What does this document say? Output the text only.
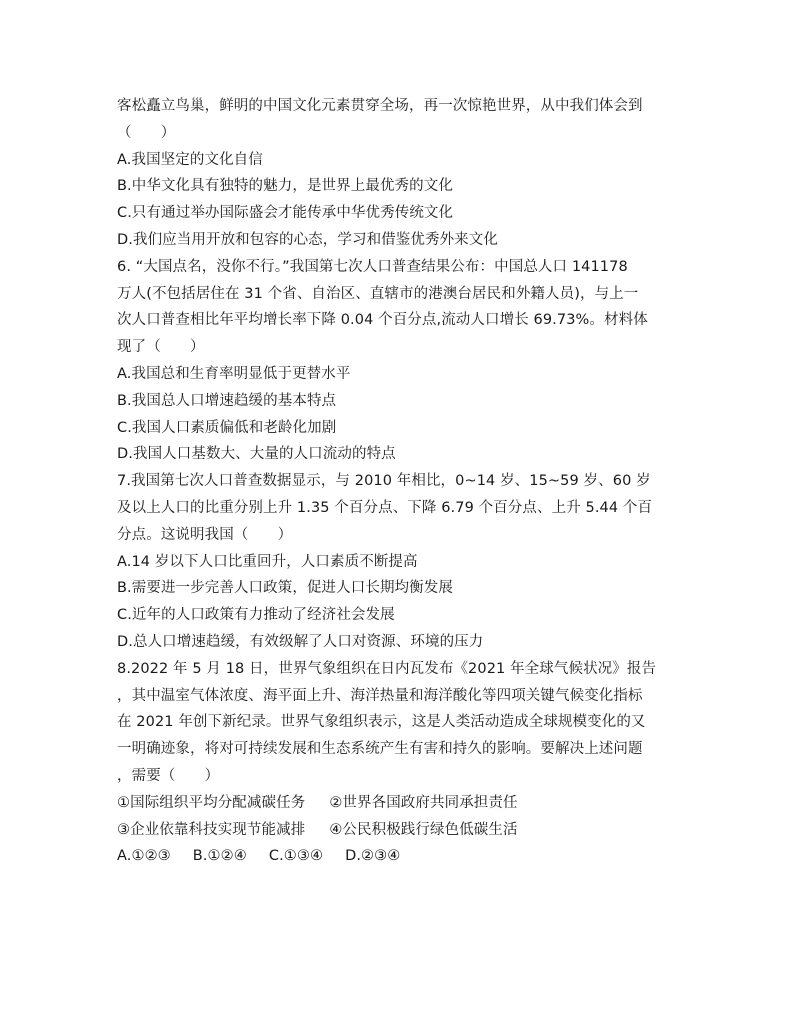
客松矗立鸟巢，鲜明的中国文化元素贯穿全场，再一次惊艳世界，从中我们体会到
（　　）
A.我国坚定的文化自信
B.中华文化具有独特的魅力，是世界上最优秀的文化
C.只有通过举办国际盛会才能传承中华优秀传统文化
D.我们应当用开放和包容的心态，学习和借鉴优秀外来文化
6. “大国点名，没你不行。”我国第七次人口普查结果公布：中国总人口 141178
万人(不包括居住在 31 个省、自治区、直辖市的港澳台居民和外籍人员)，与上一
次人口普查相比年平均增长率下降 0.04 个百分点,流动人口增长 69.73%。材料体
现了（　　）
A.我国总和生育率明显低于更替水平
B.我国总人口增速趋缓的基本特点
C.我国人口素质偏低和老龄化加剧
D.我国人口基数大、大量的人口流动的特点
7.我国第七次人口普查数据显示，与 2010 年相比，0~14 岁、15~59 岁、60 岁
及以上人口的比重分别上升 1.35 个百分点、下降 6.79 个百分点、上升 5.44 个百
分点。这说明我国（　　）
A.14 岁以下人口比重回升，人口素质不断提高
B.需要进一步完善人口政策，促进人口长期均衡发展
C.近年的人口政策有力推动了经济社会发展
D.总人口增速趋缓，有效级解了人口对资源、环境的压力
8.2022 年 5 月 18 日，世界气象组织在日内瓦发布《2021 年全球气候状况》报告
，其中温室气体浓度、海平面上升、海洋热量和海洋酸化等四项关键气候变化指标
在 2021 年创下新纪录。世界气象组织表示，这是人类活动造成全球规模变化的又
一明确迹象，将对可持续发展和生态系统产生有害和持久的影响。要解决上述问题
，需要（　　）
①国际组织平均分配减碳任务 ②世界各国政府共同承担责任
③企业依靠科技实现节能减排 ④公民积极践行绿色低碳生活
A.①②③ B.①②④ C.①③④ D.②③④
